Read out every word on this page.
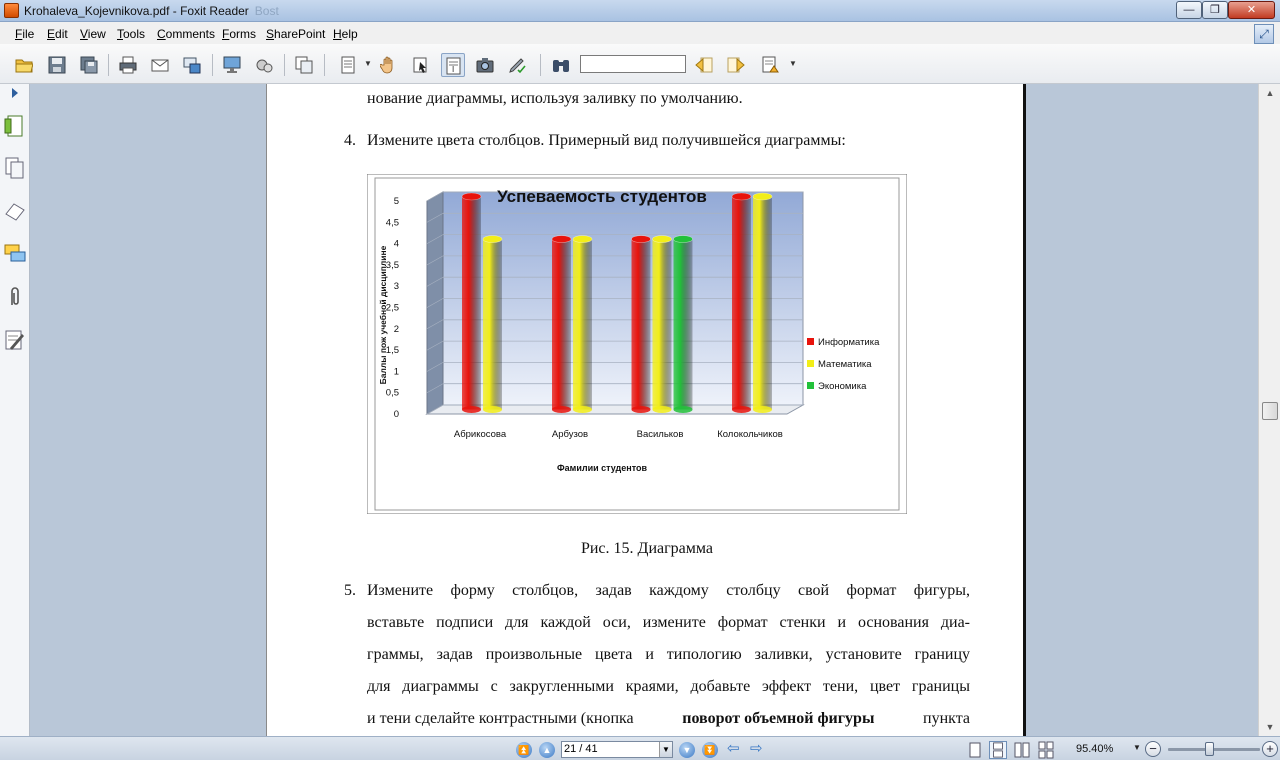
Krohaleva_Kojevnikova.pdf - Foxit Reader Воst	—	❐	✕
File Edit View Tools Comments Forms SharePoint Help	⤢
▼
I
▼
нование диаграммы, используя заливку по умолчанию.
4. Измените цвета столбцов. Примерный вид получившейся диаграммы:
0
0,5
1
1,5
2
2,5
3
3,5
4
4,5
5
Абрикосова	Арбузов	Васильков	Колокольчиков
Успеваемость студентов
Баллы пож учебной дисциплине
Фамилии студентов
Информатика
Математика
Экономика
Рис. 15. Диаграмма
5. Измените форму столбцов, задав каждому столбцу свой формат фигуры,
вставьте подписи для каждой оси, измените формат стенки и основания диа-
граммы, задав произвольные цвета и типологию заливки, установите границу
для диаграммы с закругленными краями, добавьте эффект тени, цвет границы
и тени сделайте контрастными (кнопка	поворот объемной фигуры	пункта
▲
▼
⏫	▲	21 / 41	▼	▼	⏬ ⇦ ⇨	95.40% ▼ −	+
